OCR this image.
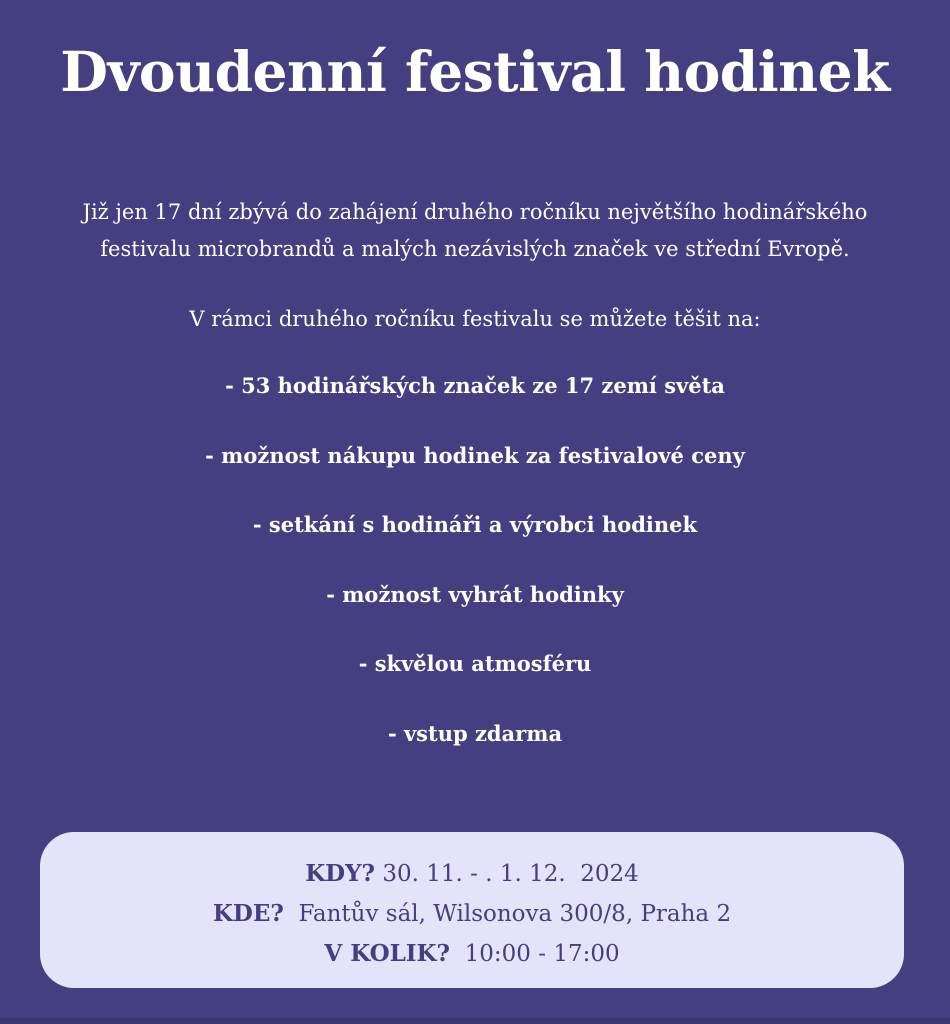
Dvoudenní festival hodinek

Již jen 17 dní zbývá do zahájení druhého ročníku největšího hodinářského festivalu microbrandů a malých nezávislých značek ve střední Evropě.

V rámci druhého ročníku festivalu se můžete těšit na:

- 53 hodinářských značek ze 17 zemí světa
- možnost nákupu hodinek za festivalové ceny
- setkání s hodináři a výrobci hodinek
- možnost vyhrát hodinky
- skvělou atmosféru
- vstup zdarma
KDY? 30. 11. - . 1. 12.  2024
KDE?  Fantův sál, Wilsonova 300/8, Praha 2
V KOLIK?  10:00 - 17:00
